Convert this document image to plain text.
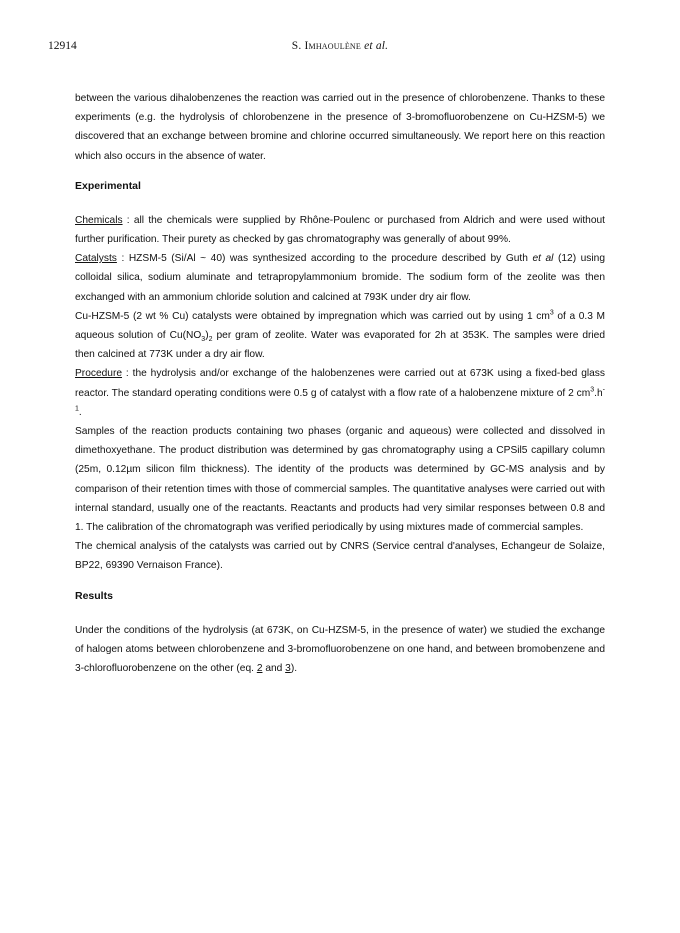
12914	S. Imhaoulène et al.

between the various dihalobenzenes the reaction was carried out in the presence of chlorobenzene. Thanks to these experiments (e.g. the hydrolysis of chlorobenzene in the presence of 3-bromofluorobenzene on Cu-HZSM-5) we discovered that an exchange between bromine and chlorine occurred simultaneously. We report here on this reaction which also occurs in the absence of water.

Experimental

Chemicals : all the chemicals were supplied by Rhône-Poulenc or purchased from Aldrich and were used without further purification. Their purety as checked by gas chromatography was generally of about 99%.

Catalysts : HZSM-5 (Si/Al ~ 40) was synthesized according to the procedure described by Guth et al (12) using colloidal silica, sodium aluminate and tetrapropylammonium bromide. The sodium form of the zeolite was then exchanged with an ammonium chloride solution and calcined at 793K under dry air flow.

Cu-HZSM-5 (2 wt % Cu) catalysts were obtained by impregnation which was carried out by using 1 $cm^3$ of a 0.3 M aqueous solution of $Cu(NO_3)_2$ per gram of zeolite. Water was evaporated for 2h at 353K. The samples were dried then calcined at 773K under a dry air flow.

Procedure : the hydrolysis and/or exchange of the halobenzenes were carried out at 673K using a fixed-bed glass reactor. The standard operating conditions were 0.5 g of catalyst with a flow rate of a halobenzene mixture of 2 $cm^3.h^{-1}$.

Samples of the reaction products containing two phases (organic and aqueous) were collected and dissolved in dimethoxyethane. The product distribution was determined by gas chromatography using a CPSil5 capillary column (25m, 0.12µm silicon film thickness). The identity of the products was determined by GC-MS analysis and by comparison of their retention times with those of commercial samples. The quantitative analyses were carried out with internal standard, usually one of the reactants. Reactants and products had very similar responses between 0.8 and 1. The calibration of the chromatograph was verified periodically by using mixtures made of commercial samples.

The chemical analysis of the catalysts was carried out by CNRS (Service central d'analyses, Echangeur de Solaize, BP22, 69390 Vernaison France).

Results

Under the conditions of the hydrolysis (at 673K, on Cu-HZSM-5, in the presence of water) we studied the exchange of halogen atoms between chlorobenzene and 3-bromofluorobenzene on one hand, and between bromobenzene and 3-chlorofluorobenzene on the other (eq. 2 and 3).
